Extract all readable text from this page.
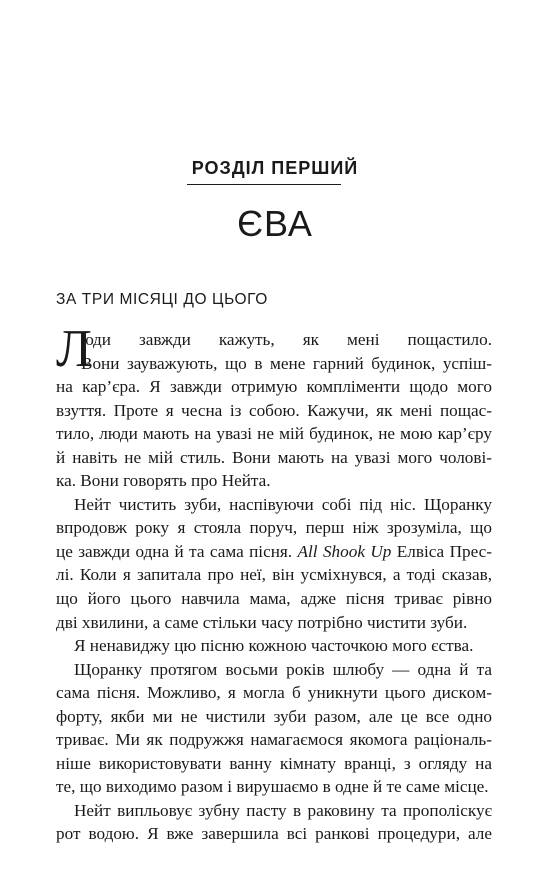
РОЗДІЛ ПЕРШИЙ
ЄВА
ЗА ТРИ МІСЯЦІ ДО ЦЬОГО
Л
юди завжди кажуть, як мені пощастило.
Вони зауважують, що в мене гарний будинок, успіш-
на кар’єра. Я завжди отримую компліменти щодо мого
взуття. Проте я чесна із собою. Кажучи, як мені пощас-
тило, люди мають на увазі не мій будинок, не мою кар’єру
й навіть не мій стиль. Вони мають на увазі мого чолові-
ка. Вони говорять про Нейта.
Нейт чистить зуби, наспівуючи собі під ніс. Щоранку
впродовж року я стояла поруч, перш ніж зрозуміла, що
це завжди одна й та сама пісня. All Shook Up Елвіса Прес-
лі. Коли я запитала про неї, він усміхнувся, а тоді сказав,
що його цього навчила мама, адже пісня триває рівно
дві хвилини, а саме стільки часу потрібно чистити зуби.
Я ненавиджу цю пісню кожною часточкою мого єства.
Щоранку протягом восьми років шлюбу — одна й та
сама пісня. Можливо, я могла б уникнути цього дискoм-
форту, якби ми не чистили зуби разом, але це все одно
триває. Ми як подружжя намагаємося якомога раціональ-
ніше використовувати ванну кімнату вранці, з огляду на
те, що виходимо разом і вирушаємо в одне й те саме місце.
Нейт випльовує зубну пасту в раковину та прополіскує
рот водою. Я вже завершила всі ранкові процедури, але
